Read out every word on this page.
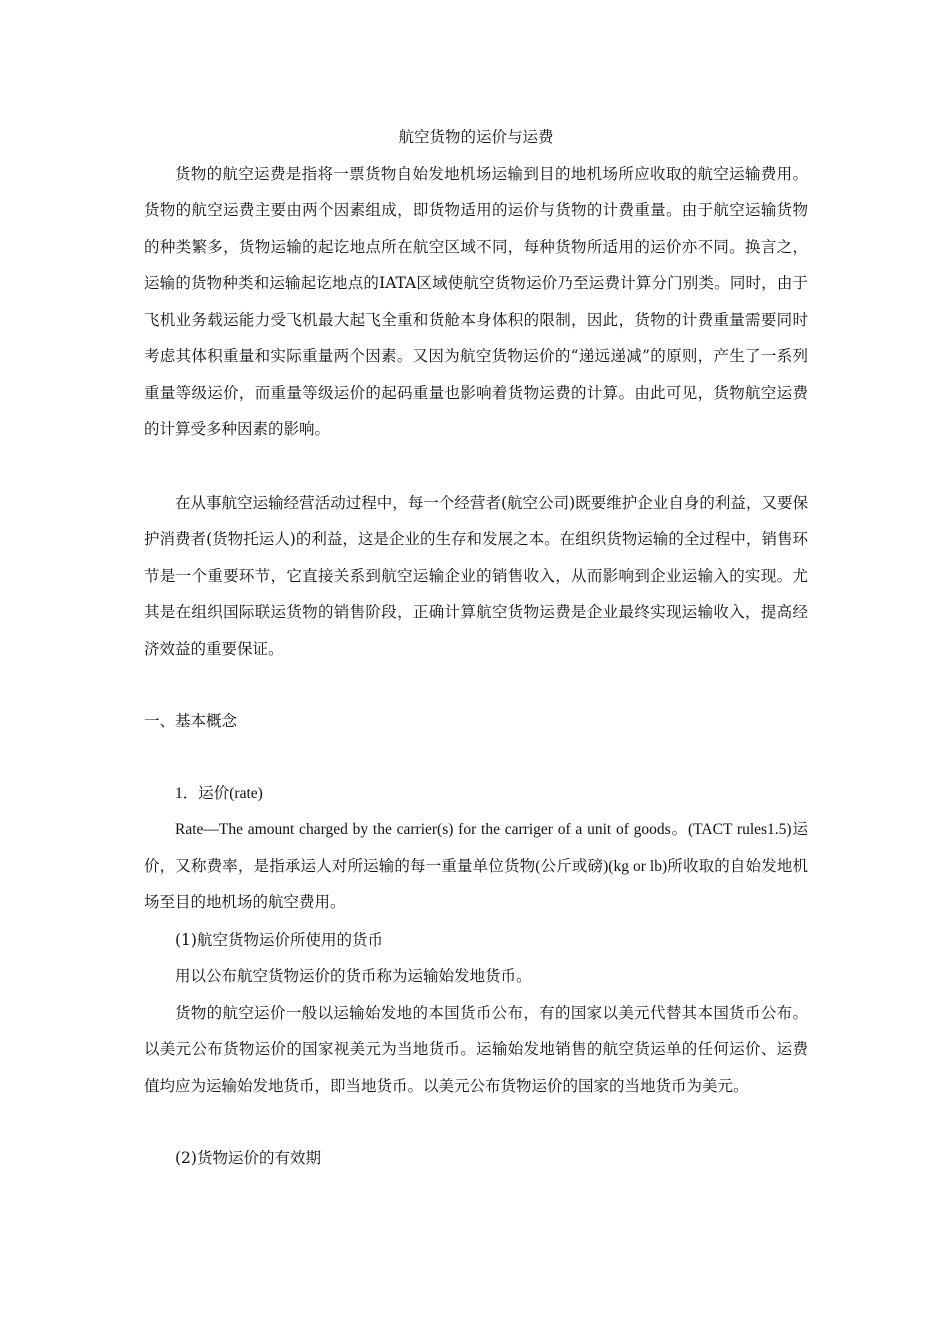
航空货物的运价与运费

货物的航空运费是指将一票货物自始发地机场运输到目的地机场所应收取的航空运输费用。货物的航空运费主要由两个因素组成，即货物适用的运价与货物的计费重量。由于航空运输货物的种类繁多，货物运输的起讫地点所在航空区域不同，每种货物所适用的运价亦不同。换言之，运输的货物种类和运输起讫地点的IATA区域使航空货物运价乃至运费计算分门别类。同时，由于飞机业务载运能力受飞机最大起飞全重和货舱本身体积的限制，因此，货物的计费重量需要同时考虑其体积重量和实际重量两个因素。又因为航空货物运价的“递远递减”的原则，产生了一系列重量等级运价，而重量等级运价的起码重量也影响着货物运费的计算。由此可见，货物航空运费的计算受多种因素的影响。

在从事航空运输经营活动过程中，每一个经营者(航空公司)既要维护企业自身的利益，又要保护消费者(货物托运人)的利益，这是企业的生存和发展之本。在组织货物运输的全过程中，销售环节是一个重要环节，它直接关系到航空运输企业的销售收入，从而影响到企业运输入的实现。尤其是在组织国际联运货物的销售阶段，正确计算航空货物运费是企业最终实现运输收入，提高经济效益的重要保证。

一、基本概念
1．运价(rate)

Rate—The amount charged by the carrier(s) for the carriger of a unit of goods。(TACT rules1.5)运价，又称费率，是指承运人对所运输的每一重量单位货物(公斤或磅)(kg or lb)所收取的自始发地机场至目的地机场的航空费用。

(1)航空货物运价所使用的货币

用以公布航空货物运价的货币称为运输始发地货币。

货物的航空运价一般以运输始发地的本国货币公布，有的国家以美元代替其本国货币公布。以美元公布货物运价的国家视美元为当地货币。运输始发地销售的航空货运单的任何运价、运费值均应为运输始发地货币，即当地货币。以美元公布货物运价的国家的当地货币为美元。

(2)货物运价的有效期
